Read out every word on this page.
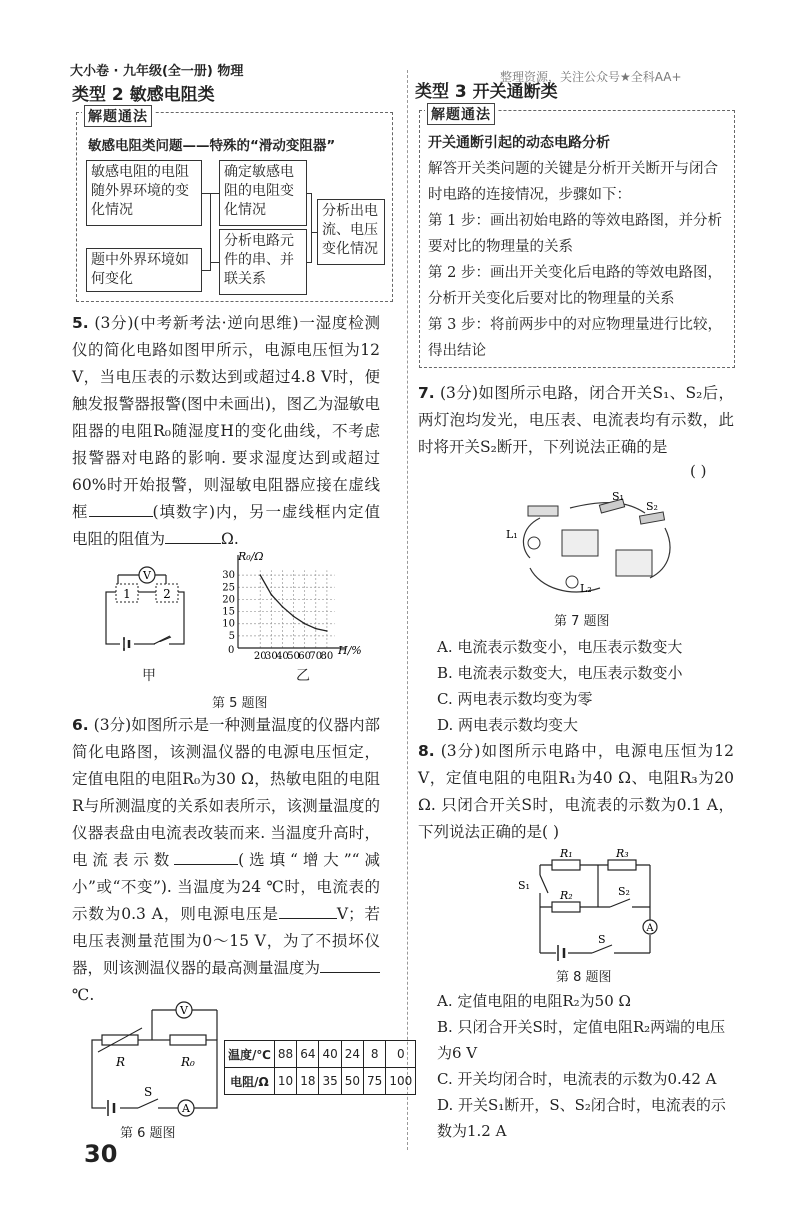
大小卷 · 九年级(全一册) 物理	整理资源，关注公众号★全科AA+
类型 2 敏感电阻类
解题通法
敏感电阻类问题——特殊的“滑动变阻器”
敏感电阻的电阻随外界环境的变化情况
确定敏感电阻的电阻变化情况	分析出电流、电压变化情况
题中外界环境如何变化
分析电路元件的串、并联关系
5. (3分)(中考新考法·逆向思维)一湿度检测仪的简化电路如图甲所示，电源电压恒为12 V，当电压表的示数达到或超过4.8 V时，便触发报警器报警(图中未画出)，图乙为湿敏电阻器的电阻R₀随湿度H的变化曲线，不考虑报警器对电路的影响. 要求湿度达到或超过60%时开始报警，则湿敏电阻器应接在虚线框	(填数字)内，另一虚线框内定值电阻的阻值为	Ω.
V
1	2
甲
R₀/Ω
H/%
0
20
30
40
50
60
70
80
5
10
15
20
25
30
乙
第 5 题图
6. (3分)如图所示是一种测量温度的仪器内部简化电路图，该测温仪器的电源电压恒定，定值电阻的电阻R₀为30 Ω，热敏电阻的电阻R与所测温度的关系如表所示，该测量温度的仪器表盘由电流表改装而来. 当温度升高时，电流表示数	(选填“增大”“减小”或“不变”). 当温度为24 ℃时，电流表的示数为0.3 A，则电源电压是	V；若电压表测量范围为0～15 V，为了不损坏仪器，则该测温仪器的最高测量温度为℃.
V
R	R₀
S
A
第 6 题图
温度/℃	88	64	40	24	8	0
电阻/Ω	10	18	35	50	75	100
30
类型 3 开关通断类
解题通法
开关通断引起的动态电路分析
解答开关类问题的关键是分析开关断开与闭合时电路的连接情况，步骤如下：
第 1 步：画出初始电路的等效电路图，并分析要对比的物理量的关系
第 2 步：画出开关变化后电路的等效电路图，分析开关变化后要对比的物理量的关系
第 3 步：将前两步中的对应物理量进行比较，得出结论
7. (3分)如图所示电路，闭合开关S₁、S₂后，两灯泡均发光，电压表、电流表均有示数，此时将开关S₂断开，下列说法正确的是
( )
S₁
S₂
L₁
L₂
第 7 题图
A. 电流表示数变小，电压表示数变大
B. 电流表示数变大，电压表示数变小
C. 两电表示数均变为零
D. 两电表示数均变大
8. (3分)如图所示电路中，电源电压恒为12 V，定值电阻的电阻R₁为40 Ω、电阻R₃为20 Ω. 只闭合开关S时，电流表的示数为0.1 A，下列说法正确的是( )
A
R₁	R₃
R₂
S₁	S₂
S
第 8 题图
A. 定值电阻的电阻R₂为50 Ω
B. 只闭合开关S时，定值电阻R₂两端的电压为6 V
C. 开关均闭合时，电流表的示数为0.42 A
D. 开关S₁断开，S、S₂闭合时，电流表的示数为1.2 A
